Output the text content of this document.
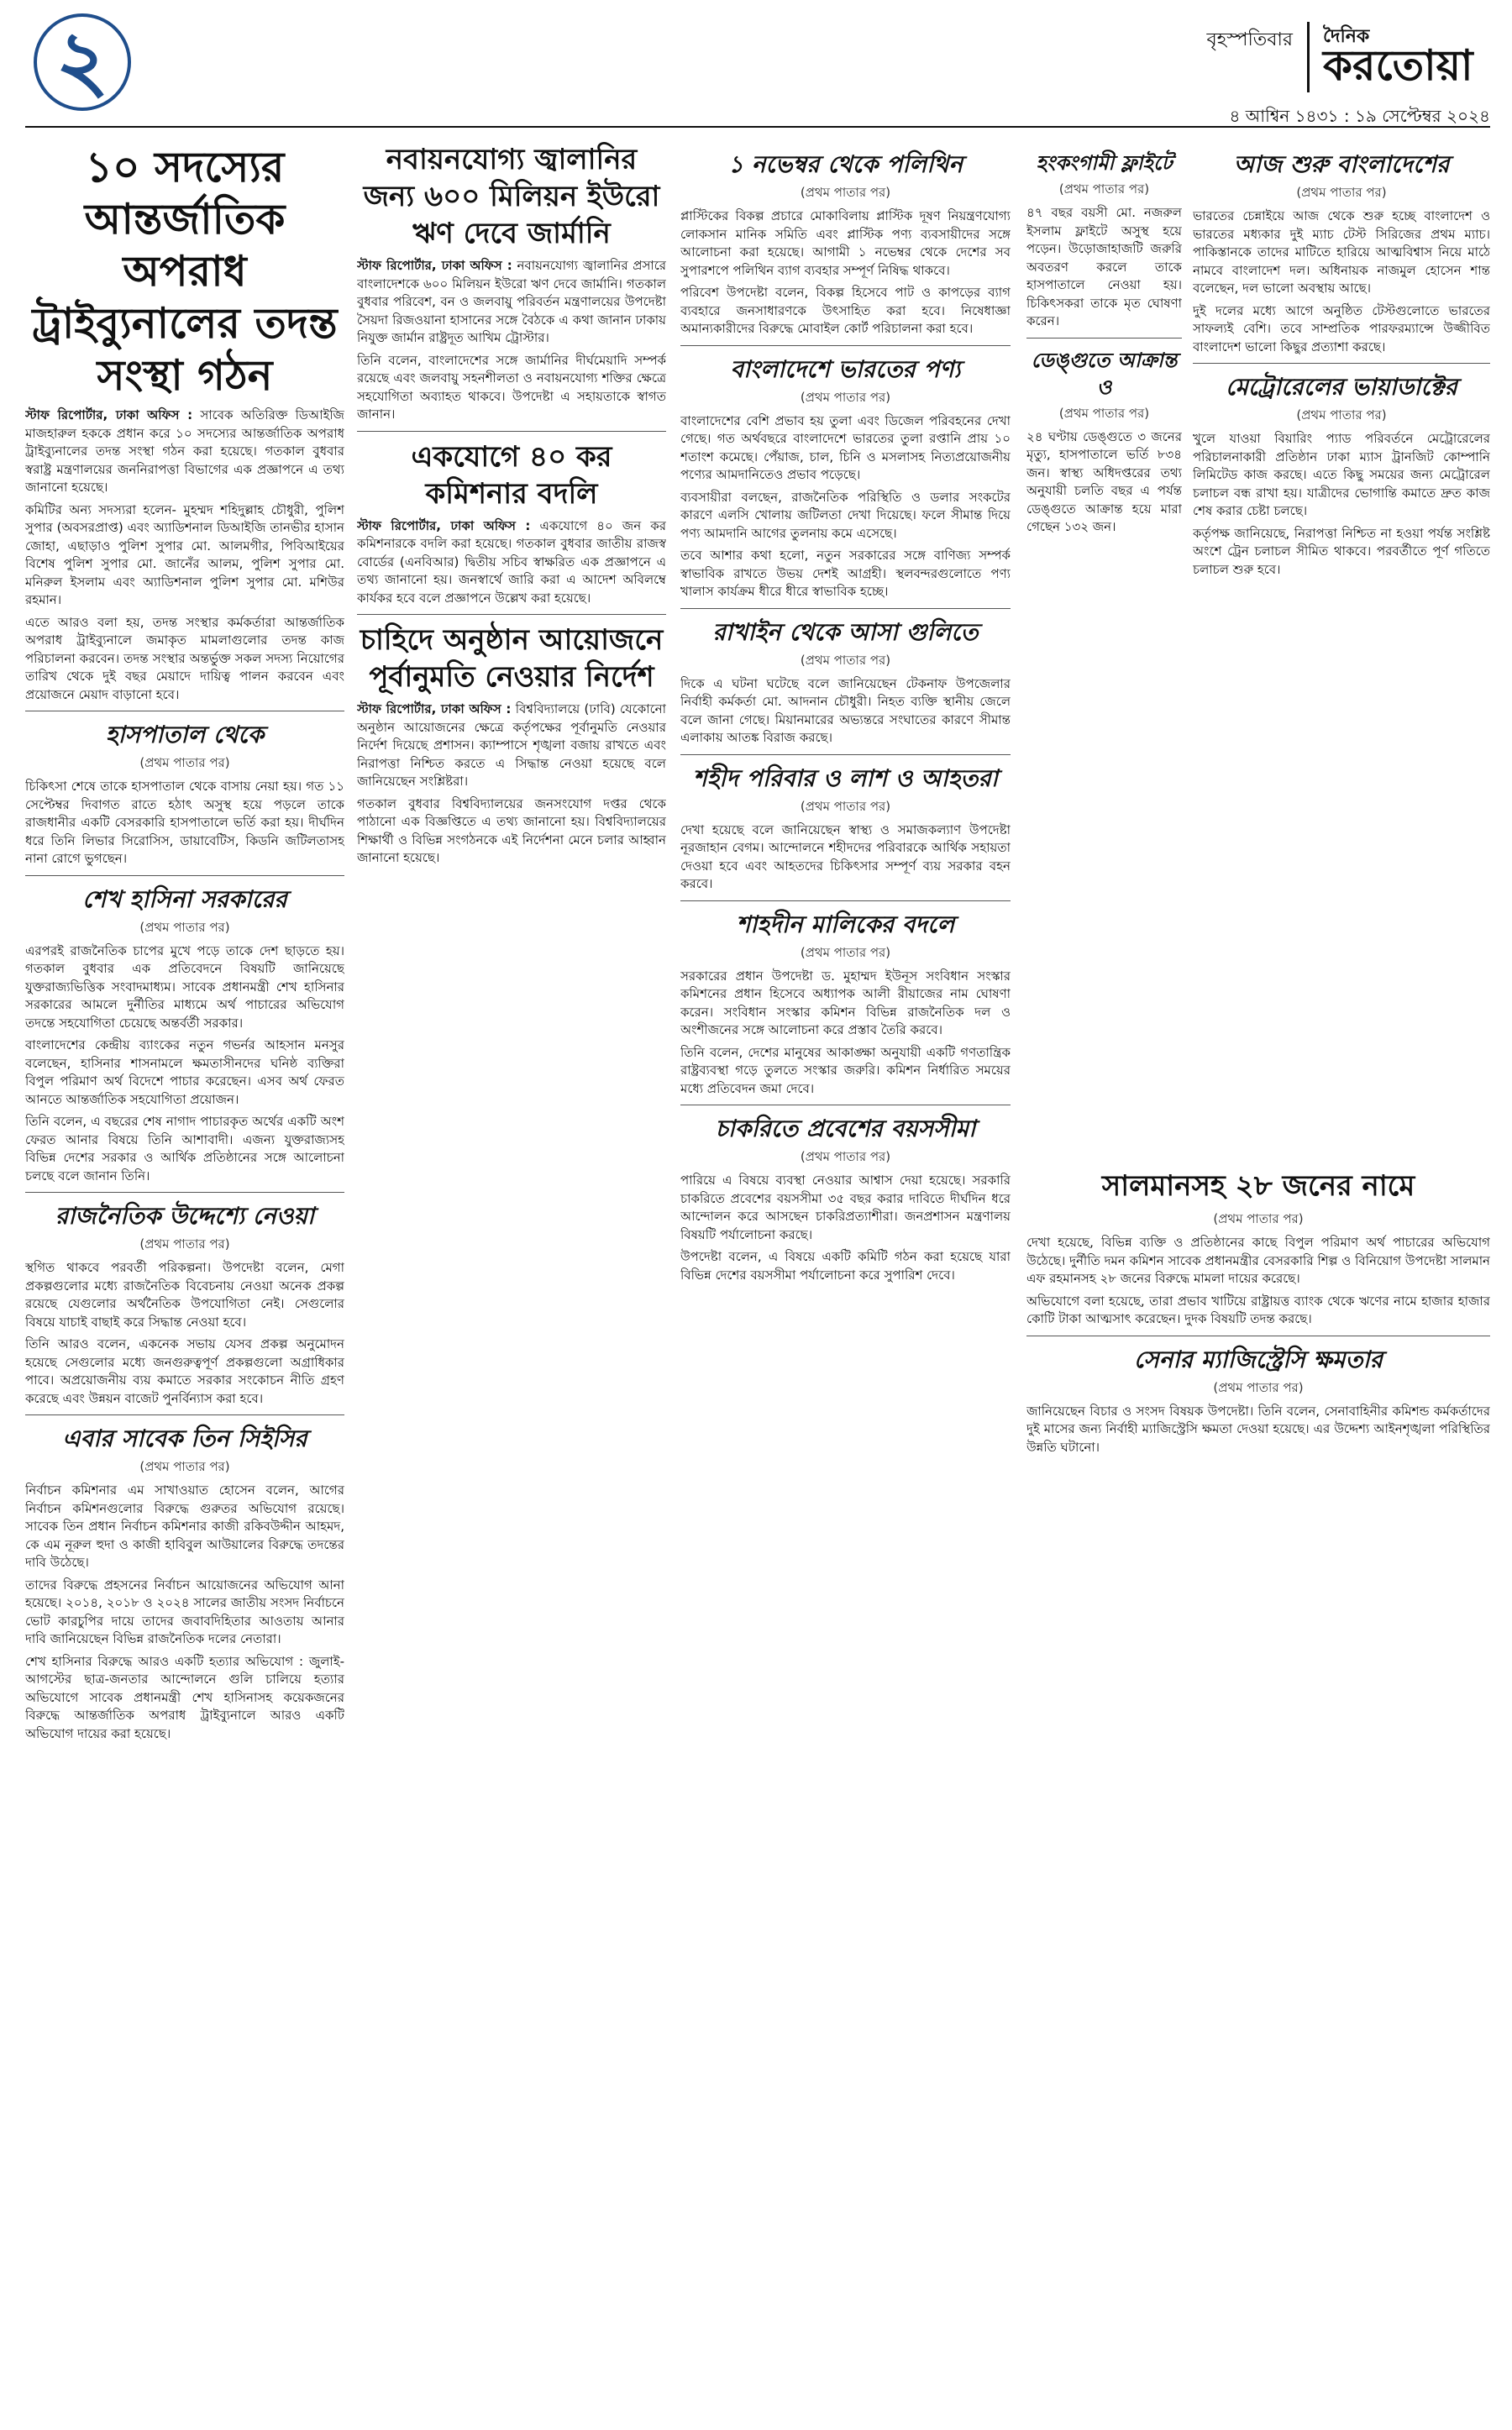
২	বৃহস্পতিবার দৈনিক
করতোয়া
৪ আশ্বিন ১৪৩১ : ১৯ সেপ্টেম্বর ২০২৪
১০ সদস্যের আন্তর্জাতিক অপরাধ ট্রাইব্যুনালের তদন্ত সংস্থা গঠন

স্টাফ রিপোর্টার, ঢাকা অফিস : সাবেক অতিরিক্ত ডিআইজি মাজহারুল হককে প্রধান করে ১০ সদস্যের আন্তর্জাতিক অপরাধ ট্রাইব্যুনালের তদন্ত সংস্থা গঠন করা হয়েছে। গতকাল বুধবার স্বরাষ্ট্র মন্ত্রণালয়ের জননিরাপত্তা বিভাগের এক প্রজ্ঞাপনে এ তথ্য জানানো হয়েছে।

কমিটির অন্য সদস্যরা হলেন- মুহম্মদ শহিদুল্লাহ চৌধুরী, পুলিশ সুপার (অবসরপ্রাপ্ত) এবং অ্যাডিশনাল ডিআইজি তানভীর হাসান জোহা, এছাড়াও পুলিশ সুপার মো. আলমগীর, পিবিআইয়ের বিশেষ পুলিশ সুপার মো. জানেঁর আলম, পুলিশ সুপার মো. মনিরুল ইসলাম এবং অ্যাডিশনাল পুলিশ সুপার মো. মশিউর রহমান।

এতে আরও বলা হয়, তদন্ত সংস্থার কর্মকর্তারা আন্তর্জাতিক অপরাধ ট্রাইব্যুনালে জমাকৃত মামলাগুলোর তদন্ত কাজ পরিচালনা করবেন। তদন্ত সংস্থার অন্তর্ভুক্ত সকল সদস্য নিয়োগের তারিখ থেকে দুই বছর মেয়াদে দায়িত্ব পালন করবেন এবং প্রয়োজনে মেয়াদ বাড়ানো হবে।

হাসপাতাল থেকে
(প্রথম পাতার পর)

চিকিৎসা শেষে তাকে হাসপাতাল থেকে বাসায় নেয়া হয়। গত ১১ সেপ্টেম্বর দিবাগত রাতে হঠাৎ অসুস্থ হয়ে পড়লে তাকে রাজধানীর একটি বেসরকারি হাসপাতালে ভর্তি করা হয়। দীর্ঘদিন ধরে তিনি লিভার সিরোসিস, ডায়াবেটিস, কিডনি জটিলতাসহ নানা রোগে ভুগছেন।

শেখ হাসিনা সরকারের
(প্রথম পাতার পর)

এরপরই রাজনৈতিক চাপের মুখে পড়ে তাকে দেশ ছাড়তে হয়। গতকাল বুধবার এক প্রতিবেদনে বিষয়টি জানিয়েছে যুক্তরাজ্যভিত্তিক সংবাদমাধ্যম। সাবেক প্রধানমন্ত্রী শেখ হাসিনার সরকারের আমলে দুর্নীতির মাধ্যমে অর্থ পাচারের অভিযোগ তদন্তে সহযোগিতা চেয়েছে অন্তর্বর্তী সরকার।

বাংলাদেশের কেন্দ্রীয় ব্যাংকের নতুন গভর্নর আহসান মনসুর বলেছেন, হাসিনার শাসনামলে ক্ষমতাসীনদের ঘনিষ্ঠ ব্যক্তিরা বিপুল পরিমাণ অর্থ বিদেশে পাচার করেছেন। এসব অর্থ ফেরত আনতে আন্তর্জাতিক সহযোগিতা প্রয়োজন।

তিনি বলেন, এ বছরের শেষ নাগাদ পাচারকৃত অর্থের একটি অংশ ফেরত আনার বিষয়ে তিনি আশাবাদী। এজন্য যুক্তরাজ্যসহ বিভিন্ন দেশের সরকার ও আর্থিক প্রতিষ্ঠানের সঙ্গে আলোচনা চলছে বলে জানান তিনি।

রাজনৈতিক উদ্দেশ্যে নেওয়া
(প্রথম পাতার পর)

স্থগিত থাকবে পরবর্তী পরিকল্পনা। উপদেষ্টা বলেন, মেগা প্রকল্পগুলোর মধ্যে রাজনৈতিক বিবেচনায় নেওয়া অনেক প্রকল্প রয়েছে যেগুলোর অর্থনৈতিক উপযোগিতা নেই। সেগুলোর বিষয়ে যাচাই বাছাই করে সিদ্ধান্ত নেওয়া হবে।

তিনি আরও বলেন, একনেক সভায় যেসব প্রকল্প অনুমোদন হয়েছে সেগুলোর মধ্যে জনগুরুত্বপূর্ণ প্রকল্পগুলো অগ্রাধিকার পাবে। অপ্রয়োজনীয় ব্যয় কমাতে সরকার সংকোচন নীতি গ্রহণ করেছে এবং উন্নয়ন বাজেট পুনর্বিন্যাস করা হবে।

এবার সাবেক তিন সিইসির
(প্রথম পাতার পর)

নির্বাচন কমিশনার এম সাখাওয়াত হোসেন বলেন, আগের নির্বাচন কমিশনগুলোর বিরুদ্ধে গুরুতর অভিযোগ রয়েছে। সাবেক তিন প্রধান নির্বাচন কমিশনার কাজী রকিবউদ্দীন আহমদ, কে এম নূরুল হুদা ও কাজী হাবিবুল আউয়ালের বিরুদ্ধে তদন্তের দাবি উঠেছে।

তাদের বিরুদ্ধে প্রহসনের নির্বাচন আয়োজনের অভিযোগ আনা হয়েছে। ২০১৪, ২০১৮ ও ২০২৪ সালের জাতীয় সংসদ নির্বাচনে ভোট কারচুপির দায়ে তাদের জবাবদিহিতার আওতায় আনার দাবি জানিয়েছেন বিভিন্ন রাজনৈতিক দলের নেতারা।

শেখ হাসিনার বিরুদ্ধে আরও একটি হত্যার অভিযোগ : জুলাই-আগস্টের ছাত্র-জনতার আন্দোলনে গুলি চালিয়ে হত্যার অভিযোগে সাবেক প্রধানমন্ত্রী শেখ হাসিনাসহ কয়েকজনের বিরুদ্ধে আন্তর্জাতিক অপরাধ ট্রাইব্যুনালে আরও একটি অভিযোগ দায়ের করা হয়েছে।

নবায়নযোগ্য জ্বালানির জন্য ৬০০ মিলিয়ন ইউরো ঋণ দেবে জার্মানি

স্টাফ রিপোর্টার, ঢাকা অফিস : নবায়নযোগ্য জ্বালানির প্রসারে বাংলাদেশকে ৬০০ মিলিয়ন ইউরো ঋণ দেবে জার্মানি। গতকাল বুধবার পরিবেশ, বন ও জলবায়ু পরিবর্তন মন্ত্রণালয়ের উপদেষ্টা সৈয়দা রিজওয়ানা হাসানের সঙ্গে বৈঠকে এ কথা জানান ঢাকায় নিযুক্ত জার্মান রাষ্ট্রদূত আখিম ট্রোস্টার।

তিনি বলেন, বাংলাদেশের সঙ্গে জার্মানির দীর্ঘমেয়াদি সম্পর্ক রয়েছে এবং জলবায়ু সহনশীলতা ও নবায়নযোগ্য শক্তির ক্ষেত্রে সহযোগিতা অব্যাহত থাকবে। উপদেষ্টা এ সহায়তাকে স্বাগত জানান।

একযোগে ৪০ কর কমিশনার বদলি

স্টাফ রিপোর্টার, ঢাকা অফিস : একযোগে ৪০ জন কর কমিশনারকে বদলি করা হয়েছে। গতকাল বুধবার জাতীয় রাজস্ব বোর্ডের (এনবিআর) দ্বিতীয় সচিব স্বাক্ষরিত এক প্রজ্ঞাপনে এ তথ্য জানানো হয়। জনস্বার্থে জারি করা এ আদেশ অবিলম্বে কার্যকর হবে বলে প্রজ্ঞাপনে উল্লেখ করা হয়েছে।

চাহিদে অনুষ্ঠান আয়োজনে পূর্বানুমতি নেওয়ার নির্দেশ

স্টাফ রিপোর্টার, ঢাকা অফিস : বিশ্ববিদ্যালয়ে (ঢাবি) যেকোনো অনুষ্ঠান আয়োজনের ক্ষেত্রে কর্তৃপক্ষের পূর্বানুমতি নেওয়ার নির্দেশ দিয়েছে প্রশাসন। ক্যাম্পাসে শৃঙ্খলা বজায় রাখতে এবং নিরাপত্তা নিশ্চিত করতে এ সিদ্ধান্ত নেওয়া হয়েছে বলে জানিয়েছেন সংশ্লিষ্টরা।

গতকাল বুধবার বিশ্ববিদ্যালয়ের জনসংযোগ দপ্তর থেকে পাঠানো এক বিজ্ঞপ্তিতে এ তথ্য জানানো হয়। বিশ্ববিদ্যালয়ের শিক্ষার্থী ও বিভিন্ন সংগঠনকে এই নির্দেশনা মেনে চলার আহ্বান জানানো হয়েছে।

১ নভেম্বর থেকে পলিথিন
(প্রথম পাতার পর)

প্লাস্টিকের বিকল্প প্রচারে মোকাবিলায় প্লাস্টিক দূষণ নিয়ন্ত্রণযোগ্য লোকসান মানিক সমিতি এবং প্লাস্টিক পণ্য ব্যবসায়ীদের সঙ্গে আলোচনা করা হয়েছে। আগামী ১ নভেম্বর থেকে দেশের সব সুপারশপে পলিথিন ব্যাগ ব্যবহার সম্পূর্ণ নিষিদ্ধ থাকবে।

পরিবেশ উপদেষ্টা বলেন, বিকল্প হিসেবে পাট ও কাপড়ের ব্যাগ ব্যবহারে জনসাধারণকে উৎসাহিত করা হবে। নিষেধাজ্ঞা অমান্যকারীদের বিরুদ্ধে মোবাইল কোর্ট পরিচালনা করা হবে।

বাংলাদেশে ভারতের পণ্য
(প্রথম পাতার পর)

বাংলাদেশের বেশি প্রভাব হয় তুলা এবং ডিজেল পরিবহনের দেখা গেছে। গত অর্থবছরে বাংলাদেশে ভারতের তুলা রপ্তানি প্রায় ১০ শতাংশ কমেছে। পেঁয়াজ, চাল, চিনি ও মসলাসহ নিত্যপ্রয়োজনীয় পণ্যের আমদানিতেও প্রভাব পড়েছে।

ব্যবসায়ীরা বলছেন, রাজনৈতিক পরিস্থিতি ও ডলার সংকটের কারণে এলসি খোলায় জটিলতা দেখা দিয়েছে। ফলে সীমান্ত দিয়ে পণ্য আমদানি আগের তুলনায় কমে এসেছে।

তবে আশার কথা হলো, নতুন সরকারের সঙ্গে বাণিজ্য সম্পর্ক স্বাভাবিক রাখতে উভয় দেশই আগ্রহী। স্থলবন্দরগুলোতে পণ্য খালাস কার্যক্রম ধীরে ধীরে স্বাভাবিক হচ্ছে।

রাখাইন থেকে আসা গুলিতে
(প্রথম পাতার পর)

দিকে এ ঘটনা ঘটেছে বলে জানিয়েছেন টেকনাফ উপজেলার নির্বাহী কর্মকর্তা মো. আদনান চৌধুরী। নিহত ব্যক্তি স্থানীয় জেলে বলে জানা গেছে। মিয়ানমারের অভ্যন্তরে সংঘাতের কারণে সীমান্ত এলাকায় আতঙ্ক বিরাজ করছে।

শহীদ পরিবার ও লাশ ও আহতরা
(প্রথম পাতার পর)

দেখা হয়েছে বলে জানিয়েছেন স্বাস্থ্য ও সমাজকল্যাণ উপদেষ্টা নূরজাহান বেগম। আন্দোলনে শহীদদের পরিবারকে আর্থিক সহায়তা দেওয়া হবে এবং আহতদের চিকিৎসার সম্পূর্ণ ব্যয় সরকার বহন করবে।

শাহদীন মালিকের বদলে
(প্রথম পাতার পর)

সরকারের প্রধান উপদেষ্টা ড. মুহাম্মদ ইউনূস সংবিধান সংস্কার কমিশনের প্রধান হিসেবে অধ্যাপক আলী রীয়াজের নাম ঘোষণা করেন। সংবিধান সংস্কার কমিশন বিভিন্ন রাজনৈতিক দল ও অংশীজনের সঙ্গে আলোচনা করে প্রস্তাব তৈরি করবে।

তিনি বলেন, দেশের মানুষের আকাঙ্ক্ষা অনুযায়ী একটি গণতান্ত্রিক রাষ্ট্রব্যবস্থা গড়ে তুলতে সংস্কার জরুরি। কমিশন নির্ধারিত সময়ের মধ্যে প্রতিবেদন জমা দেবে।

চাকরিতে প্রবেশের বয়সসীমা
(প্রথম পাতার পর)

পারিয়ে এ বিষয়ে ব্যবস্থা নেওয়ার আশ্বাস দেয়া হয়েছে। সরকারি চাকরিতে প্রবেশের বয়সসীমা ৩৫ বছর করার দাবিতে দীর্ঘদিন ধরে আন্দোলন করে আসছেন চাকরিপ্রত্যাশীরা। জনপ্রশাসন মন্ত্রণালয় বিষয়টি পর্যালোচনা করছে।

উপদেষ্টা বলেন, এ বিষয়ে একটি কমিটি গঠন করা হয়েছে যারা বিভিন্ন দেশের বয়সসীমা পর্যালোচনা করে সুপারিশ দেবে।

হংকংগামী ফ্লাইটে
(প্রথম পাতার পর)

৪৭ বছর বয়সী মো. নজরুল ইসলাম ফ্লাইটে অসুস্থ হয়ে পড়েন। উড়োজাহাজটি জরুরি অবতরণ করলে তাকে হাসপাতালে নেওয়া হয়। চিকিৎসকরা তাকে মৃত ঘোষণা করেন।

ডেঙ্গুতে আক্রান্ত ও
(প্রথম পাতার পর)

২৪ ঘণ্টায় ডেঙ্গুতে ৩ জনের মৃত্যু, হাসপাতালে ভর্তি ৮৩৪ জন। স্বাস্থ্য অধিদপ্তরের তথ্য অনুযায়ী চলতি বছর এ পর্যন্ত ডেঙ্গুতে আক্রান্ত হয়ে মারা গেছেন ১৩২ জন।

আজ শুরু বাংলাদেশের
(প্রথম পাতার পর)

ভারতের চেন্নাইয়ে আজ থেকে শুরু হচ্ছে বাংলাদেশ ও ভারতের মধ্যকার দুই ম্যাচ টেস্ট সিরিজের প্রথম ম্যাচ। পাকিস্তানকে তাদের মাটিতে হারিয়ে আত্মবিশ্বাস নিয়ে মাঠে নামবে বাংলাদেশ দল। অধিনায়ক নাজমুল হোসেন শান্ত বলেছেন, দল ভালো অবস্থায় আছে।

দুই দলের মধ্যে আগে অনুষ্ঠিত টেস্টগুলোতে ভারতের সাফল্যই বেশি। তবে সাম্প্রতিক পারফরম্যান্সে উজ্জীবিত বাংলাদেশ ভালো কিছুর প্রত্যাশা করছে।

মেট্রোরেলের ভায়াডাক্টের
(প্রথম পাতার পর)

খুলে যাওয়া বিয়ারিং প্যাড পরিবর্তনে মেট্রোরেলের পরিচালনাকারী প্রতিষ্ঠান ঢাকা ম্যাস ট্রানজিট কোম্পানি লিমিটেড কাজ করছে। এতে কিছু সময়ের জন্য মেট্রোরেল চলাচল বন্ধ রাখা হয়। যাত্রীদের ভোগান্তি কমাতে দ্রুত কাজ শেষ করার চেষ্টা চলছে।

কর্তৃপক্ষ জানিয়েছে, নিরাপত্তা নিশ্চিত না হওয়া পর্যন্ত সংশ্লিষ্ট অংশে ট্রেন চলাচল সীমিত থাকবে। পরবর্তীতে পূর্ণ গতিতে চলাচল শুরু হবে।

সালমানসহ ২৮ জনের নামে
(প্রথম পাতার পর)

দেখা হয়েছে, বিভিন্ন ব্যক্তি ও প্রতিষ্ঠানের কাছে বিপুল পরিমাণ অর্থ পাচারের অভিযোগ উঠেছে। দুর্নীতি দমন কমিশন সাবেক প্রধানমন্ত্রীর বেসরকারি শিল্প ও বিনিয়োগ উপদেষ্টা সালমান এফ রহমানসহ ২৮ জনের বিরুদ্ধে মামলা দায়ের করেছে।

অভিযোগে বলা হয়েছে, তারা প্রভাব খাটিয়ে রাষ্ট্রায়ত্ত ব্যাংক থেকে ঋণের নামে হাজার হাজার কোটি টাকা আত্মসাৎ করেছেন। দুদক বিষয়টি তদন্ত করছে।

সেনার ম্যাজিস্ট্রেসি ক্ষমতার
(প্রথম পাতার পর)

জানিয়েছেন বিচার ও সংসদ বিষয়ক উপদেষ্টা। তিনি বলেন, সেনাবাহিনীর কমিশন্ড কর্মকর্তাদের দুই মাসের জন্য নির্বাহী ম্যাজিস্ট্রেসি ক্ষমতা দেওয়া হয়েছে। এর উদ্দেশ্য আইনশৃঙ্খলা পরিস্থিতির উন্নতি ঘটানো।
